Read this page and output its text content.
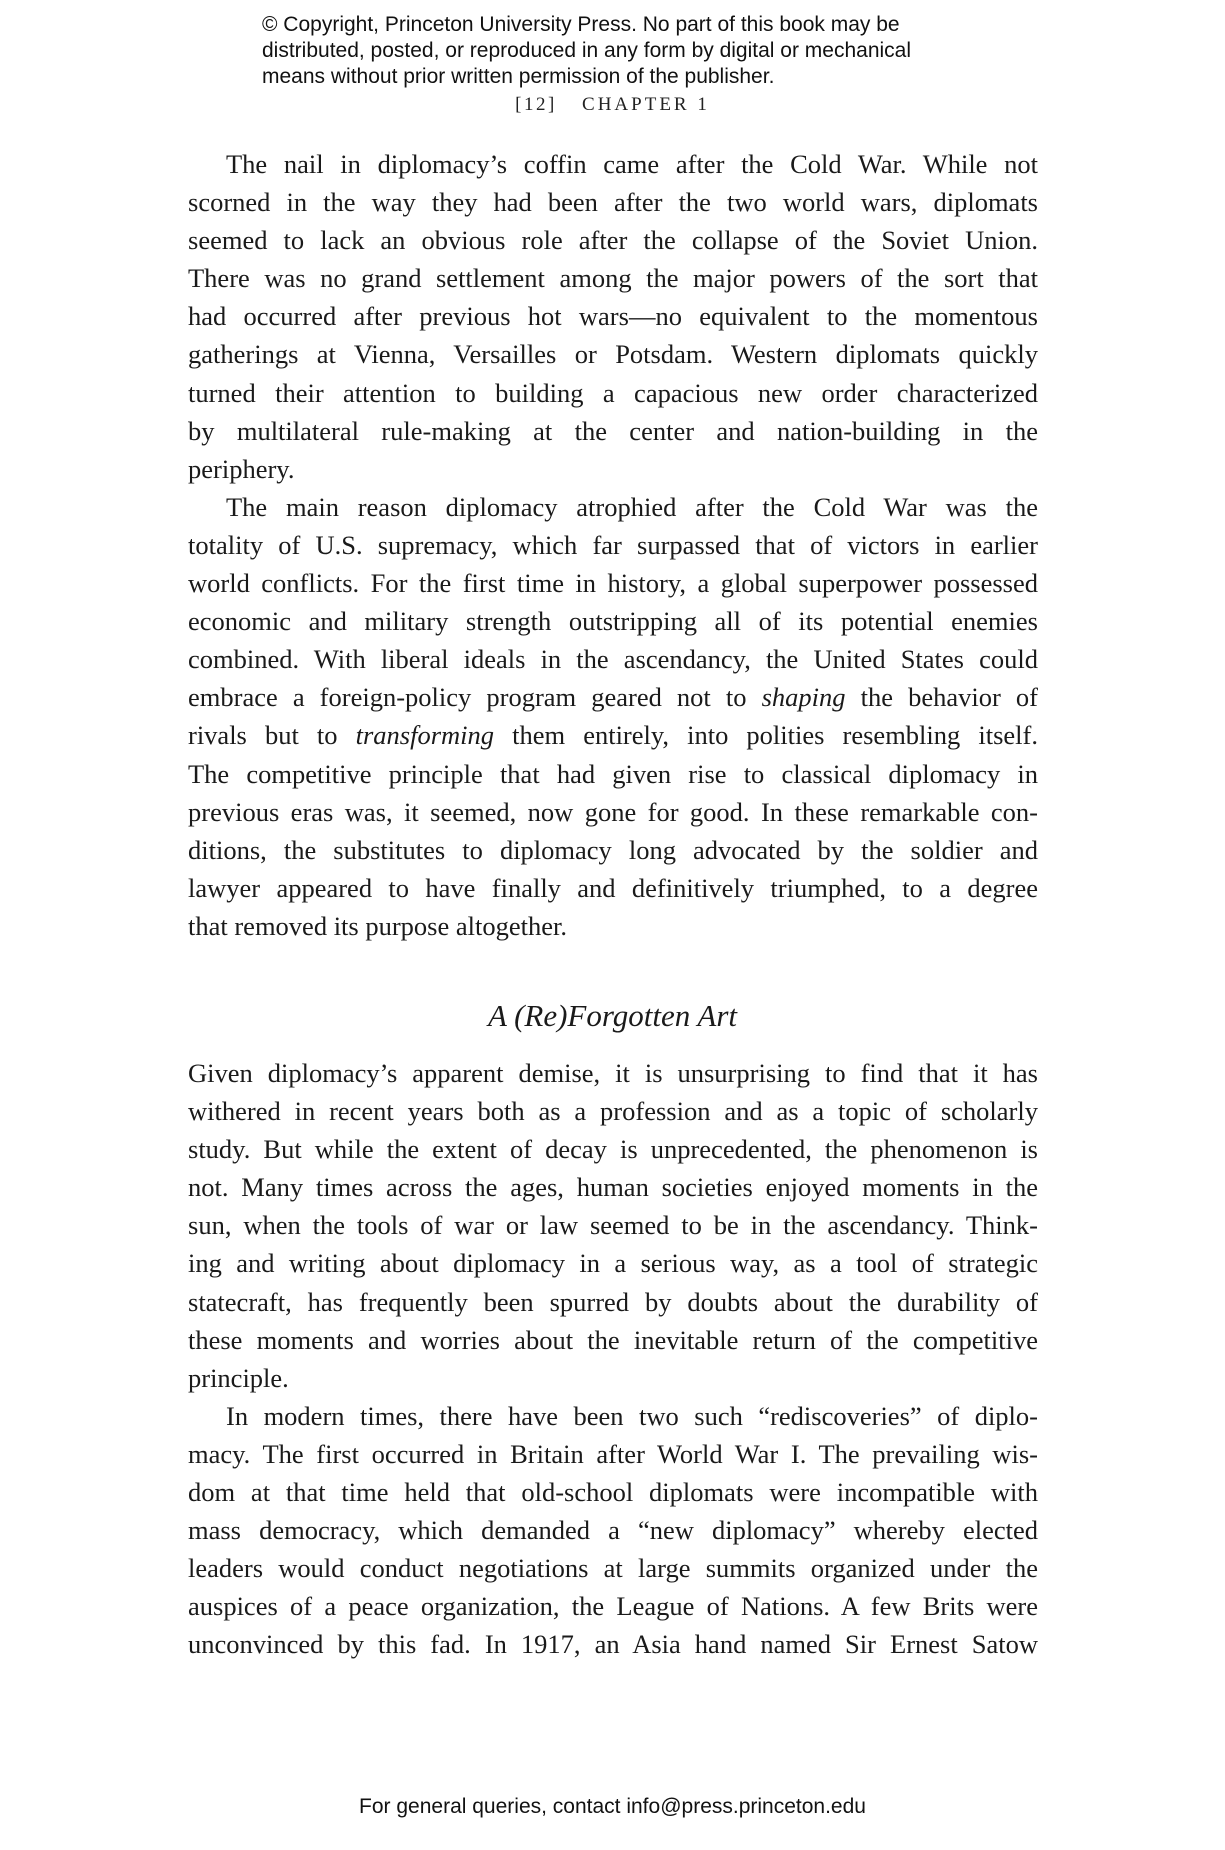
© Copyright, Princeton University Press. No part of this book may be
distributed, posted, or reproduced in any form by digital or mechanical
means without prior written permission of the publisher.
[12] CHAPTER 1
The nail in diplomacy’s coffin came after the Cold War. While not
scorned in the way they had been after the two world wars, diplomats
seemed to lack an obvious role after the collapse of the Soviet Union.
There was no grand settlement among the major powers of the sort that
had occurred after previous hot wars—no equivalent to the momentous
gatherings at Vienna, Versailles or Potsdam. Western diplomats quickly
turned their attention to building a capacious new order characterized
by multilateral rule-making at the center and nation-building in the
periphery.
The main reason diplomacy atrophied after the Cold War was the
totality of U.S. supremacy, which far surpassed that of victors in earlier
world conflicts. For the first time in history, a global superpower possessed
economic and military strength outstripping all of its potential enemies
combined. With liberal ideals in the ascendancy, the United States could
embrace a foreign-policy program geared not to shaping the behavior of
rivals but to transforming them entirely, into polities resembling itself.
The competitive principle that had given rise to classical diplomacy in
previous eras was, it seemed, now gone for good. In these remarkable con-
ditions, the substitutes to diplomacy long advocated by the soldier and
lawyer appeared to have finally and definitively triumphed, to a degree
that removed its purpose altogether.
A (Re)Forgotten Art
Given diplomacy’s apparent demise, it is unsurprising to find that it has
withered in recent years both as a profession and as a topic of scholarly
study. But while the extent of decay is unprecedented, the phenomenon is
not. Many times across the ages, human societies enjoyed moments in the
sun, when the tools of war or law seemed to be in the ascendancy. Think-
ing and writing about diplomacy in a serious way, as a tool of strategic
statecraft, has frequently been spurred by doubts about the durability of
these moments and worries about the inevitable return of the competitive
principle.
In modern times, there have been two such “rediscoveries” of diplo-
macy. The first occurred in Britain after World War I. The prevailing wis-
dom at that time held that old-school diplomats were incompatible with
mass democracy, which demanded a “new diplomacy” whereby elected
leaders would conduct negotiations at large summits organized under the
auspices of a peace organization, the League of Nations. A few Brits were
unconvinced by this fad. In 1917, an Asia hand named Sir Ernest Satow
For general queries, contact info@press.princeton.edu
